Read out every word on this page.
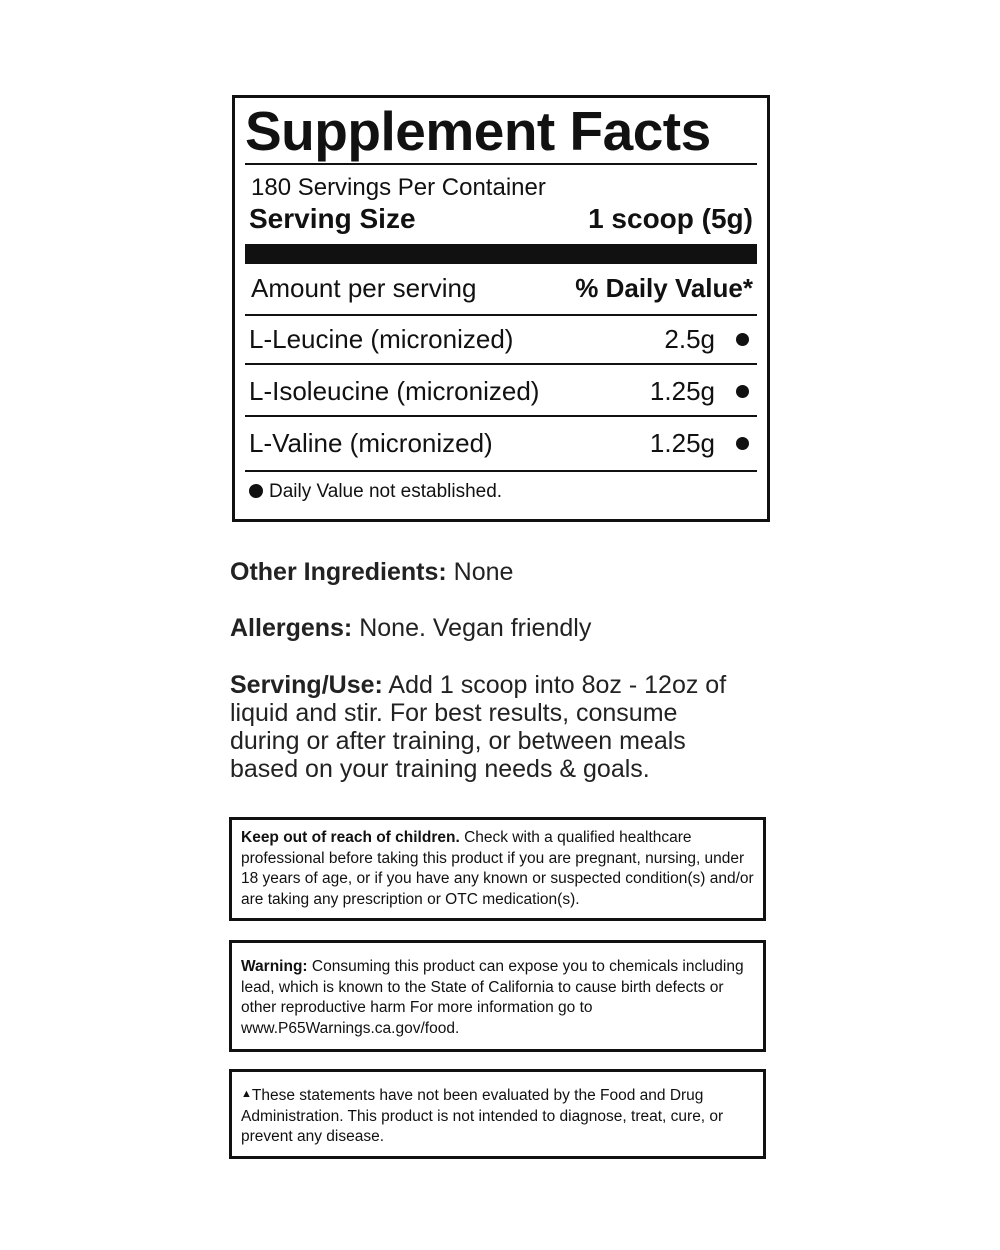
Supplement Facts
180 Servings Per Container
Serving Size	1 scoop (5g)
Amount per serving	% Daily Value*
L-Leucine (micronized)	2.5g
L-Isoleucine (micronized)	1.25g
L-Valine (micronized)	1.25g
Daily Value not established.
Other Ingredients: None
Allergens: None. Vegan friendly
Serving/Use: Add 1 scoop into 8oz - 12oz of liquid and stir. For best results, consume during or after training, or between meals based on your training needs & goals.
Keep out of reach of children. Check with a qualified healthcare professional before taking this product if you are pregnant, nursing, under 18 years of age, or if you have any known or suspected condition(s) and/or are taking any prescription or OTC medication(s).
Warning: Consuming this product can expose you to chemicals including lead, which is known to the State of California to cause birth defects or other reproductive harm For more information go to www.P65Warnings.ca.gov/food.
▲These statements have not been evaluated by the Food and Drug Administration. This product is not intended to diagnose, treat, cure, or prevent any disease.
